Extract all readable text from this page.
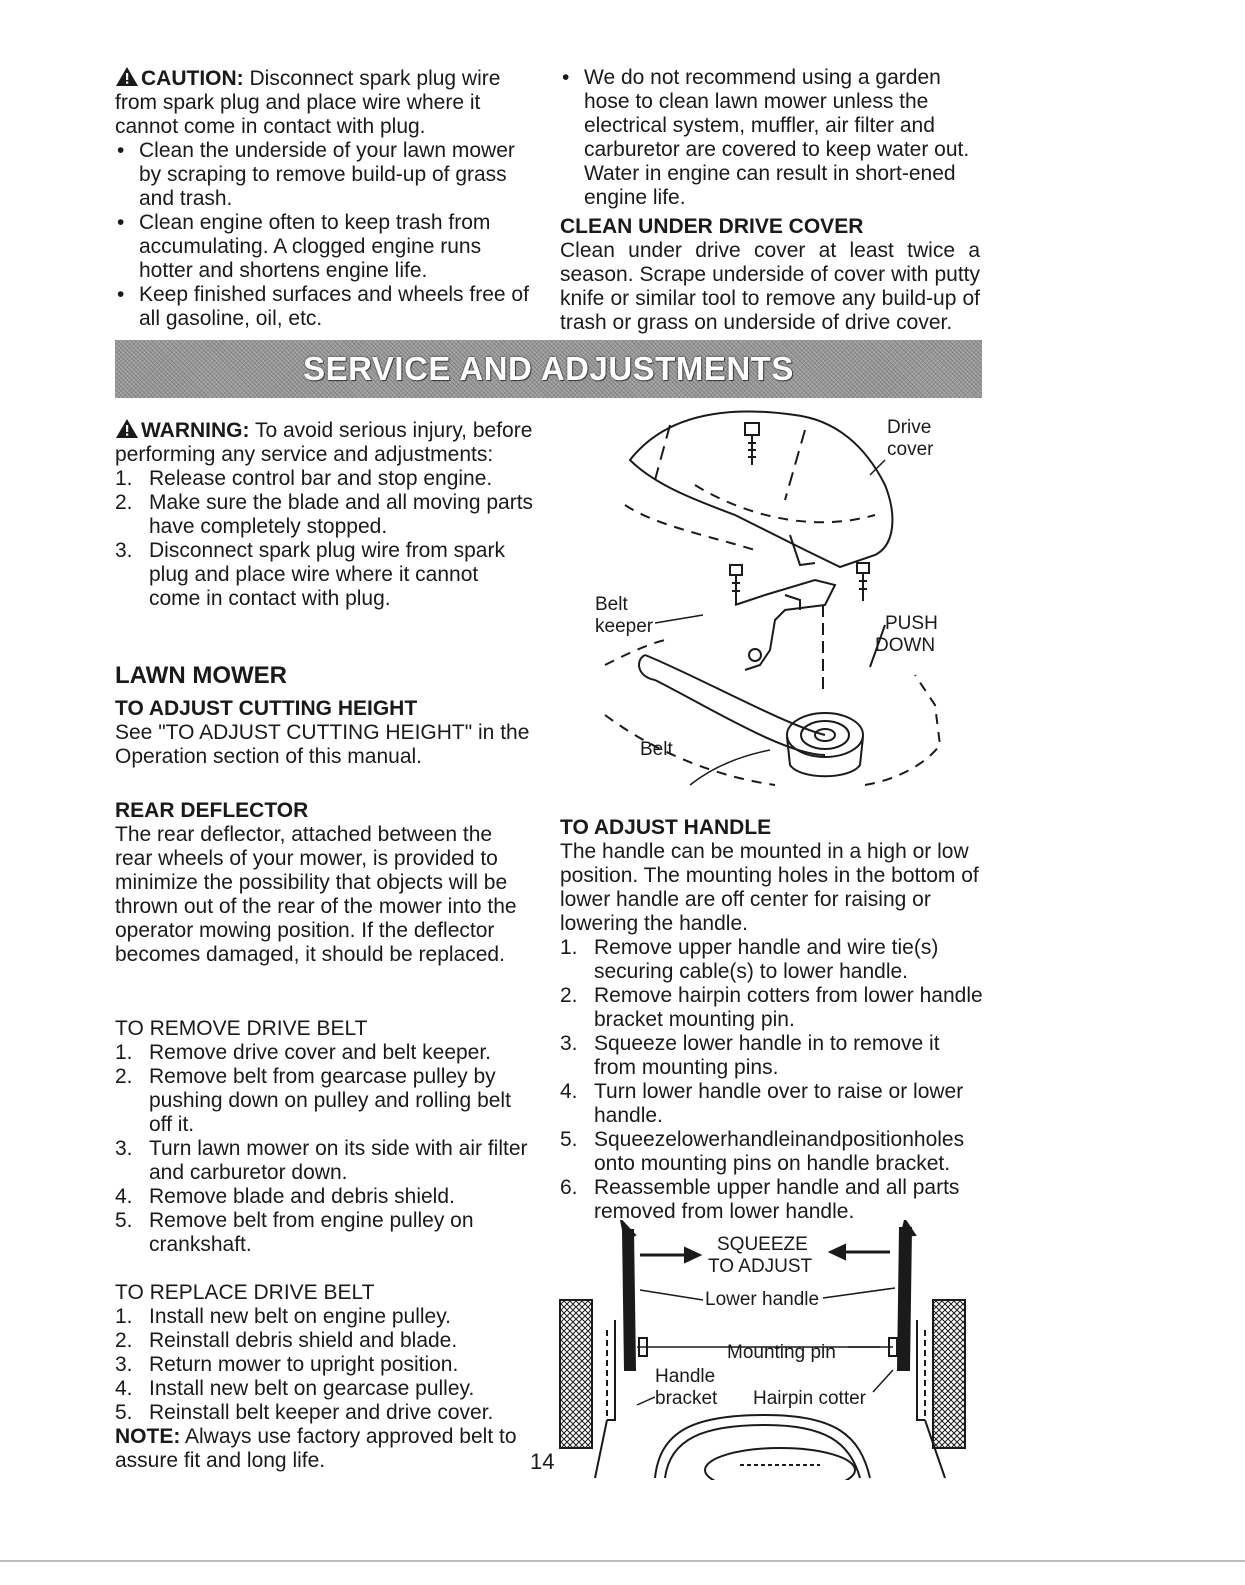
CAUTION: Disconnect spark plug wire from spark plug and place wire where it cannot come in contact with plug.

• Clean the underside of your lawn mower by scraping to remove build-up of grass and trash.
• Clean engine often to keep trash from accumulating. A clogged engine runs hotter and shortens engine life.
• Keep finished surfaces and wheels free of all gasoline, oil, etc.
• We do not recommend using a garden hose to clean lawn mower unless the electrical system, muffler, air filter and carburetor are covered to keep water out. Water in engine can result in short-ened engine life.

CLEAN UNDER DRIVE COVER

Clean under drive cover at least twice a season. Scrape underside of cover with putty knife or similar tool to remove any build-up of trash or grass on underside of drive cover.

SERVICE AND ADJUSTMENTS

WARNING: To avoid serious injury, before performing any service and adjustments:

1. Release control bar and stop engine.
2. Make sure the blade and all moving parts have completely stopped.
3. Disconnect spark plug wire from spark plug and place wire where it cannot come in contact with plug.

LAWN MOWER

TO ADJUST CUTTING HEIGHT

See "TO ADJUST CUTTING HEIGHT" in the Operation section of this manual.

REAR DEFLECTOR

The rear deflector, attached between the rear wheels of your mower, is provided to minimize the possibility that objects will be thrown out of the rear of the mower into the operator mowing position. If the deflector becomes damaged, it should be replaced.

TO REMOVE DRIVE BELT

1. Remove drive cover and belt keeper.
2. Remove belt from gearcase pulley by pushing down on pulley and rolling belt off it.
3. Turn lawn mower on its side with air filter and carburetor down.
4. Remove blade and debris shield.
5. Remove belt from engine pulley on crankshaft.

TO REPLACE DRIVE BELT

1. Install new belt on engine pulley.
2. Reinstall debris shield and blade.
3. Return mower to upright position.
4. Install new belt on gearcase pulley.
5. Reinstall belt keeper and drive cover.

NOTE: Always use factory approved belt to assure fit and long life.

Drive
cover
Belt
keeper	PUSH
DOWN
Belt

TO ADJUST HANDLE

The handle can be mounted in a high or low position. The mounting holes in the bottom of lower handle are off center for raising or lowering the handle.

1. Remove upper handle and wire tie(s) securing cable(s) to lower handle.
2. Remove hairpin cotters from lower handle bracket mounting pin.
3. Squeeze lower handle in to remove it from mounting pins.
4. Turn lower handle over to raise or lower handle.
5. Squeezelowerhandleinandpositionholes onto mounting pins on handle bracket.
6. Reassemble upper handle and all parts removed from lower handle.
SQUEEZE
TO ADJUST
Lower handle
Mounting pin
Handle
bracket Hairpin cotter
14
